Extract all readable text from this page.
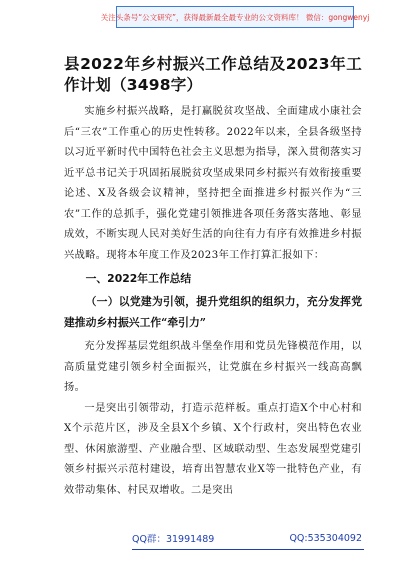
关注头条号“公文研究”，获得最新最全最专业的公文资料库！ 微信：gongwenyj
县2022年乡村振兴工作总结及2023年工作计划（3498字）

实施乡村振兴战略，是打赢脱贫攻坚战、全面建成小康社会后“三农”工作重心的历史性转移。2022年以来，全县各级坚持以习近平新时代中国特色社会主义思想为指导，深入贯彻落实习近平总书记关于巩固拓展脱贫攻坚成果同乡村振兴有效衔接重要论述、X及各级会议精神，坚持把全面推进乡村振兴作为“三农”工作的总抓手，强化党建引领推进各项任务落实落地、彰显成效，不断实现人民对美好生活的向往有力有序有效推进乡村振兴战略。现将本年度工作及2023年工作打算汇报如下：

一、2022年工作总结
（一）以党建为引领，提升党组织的组织力，充分发挥党建推动乡村振兴工作“牵引力”

充分发挥基层党组织战斗堡垒作用和党员先锋模范作用，以高质量党建引领乡村全面振兴，让党旗在乡村振兴一线高高飘扬。

一是突出引领带动，打造示范样板。重点打造X个中心村和X个示范片区，涉及全县X个乡镇、X个行政村，突出特色农业型、休闲旅游型、产业融合型、区域联动型、生态发展型党建引领乡村振兴示范村建设，培育出智慧农业X等一批特色产业，有效带动集体、村民双增收。二是突出

QQ群：31991489	QQ:535304092
